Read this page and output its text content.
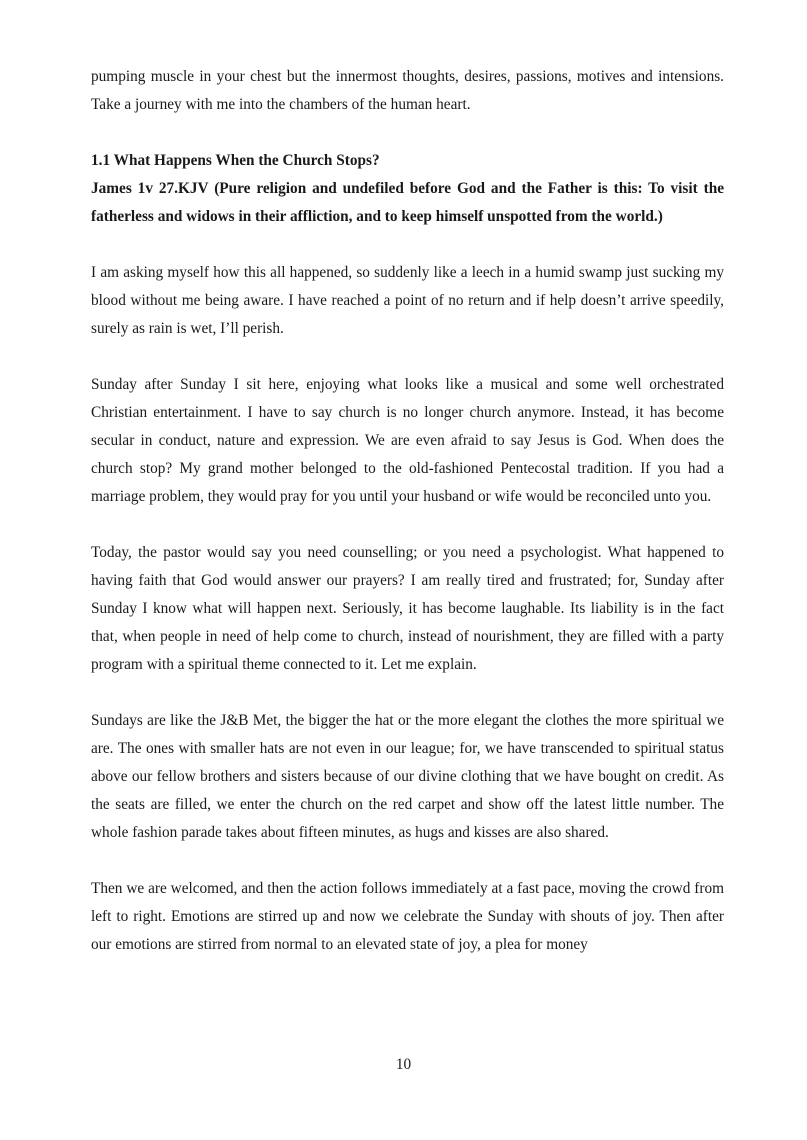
pumping muscle in your chest but the innermost thoughts, desires, passions, motives and intensions. Take a journey with me into the chambers of the human heart.

1.1 What Happens When the Church Stops?

James 1v 27.KJV (Pure religion and undefiled before God and the Father is this: To visit the fatherless and widows in their affliction, and to keep himself unspotted from the world.)

I am asking myself how this all happened, so suddenly like a leech in a humid swamp just sucking my blood without me being aware. I have reached a point of no return and if help doesn’t arrive speedily, surely as rain is wet, I’ll perish.

Sunday after Sunday I sit here, enjoying what looks like a musical and some well orchestrated Christian entertainment. I have to say church is no longer church anymore. Instead, it has become secular in conduct, nature and expression. We are even afraid to say Jesus is God. When does the church stop? My grand mother belonged to the old-fashioned Pentecostal tradition. If you had a marriage problem, they would pray for you until your husband or wife would be reconciled unto you.

Today, the pastor would say you need counselling; or you need a psychologist. What happened to having faith that God would answer our prayers? I am really tired and frustrated; for, Sunday after Sunday I know what will happen next. Seriously, it has become laughable. Its liability is in the fact that, when people in need of help come to church, instead of nourishment, they are filled with a party program with a spiritual theme connected to it. Let me explain.

Sundays are like the J&B Met, the bigger the hat or the more elegant the clothes the more spiritual we are. The ones with smaller hats are not even in our league; for, we have transcended to spiritual status above our fellow brothers and sisters because of our divine clothing that we have bought on credit. As the seats are filled, we enter the church on the red carpet and show off the latest little number. The whole fashion parade takes about fifteen minutes, as hugs and kisses are also shared.

Then we are welcomed, and then the action follows immediately at a fast pace, moving the crowd from left to right. Emotions are stirred up and now we celebrate the Sunday with shouts of joy. Then after our emotions are stirred from normal to an elevated state of joy, a plea for money

10
